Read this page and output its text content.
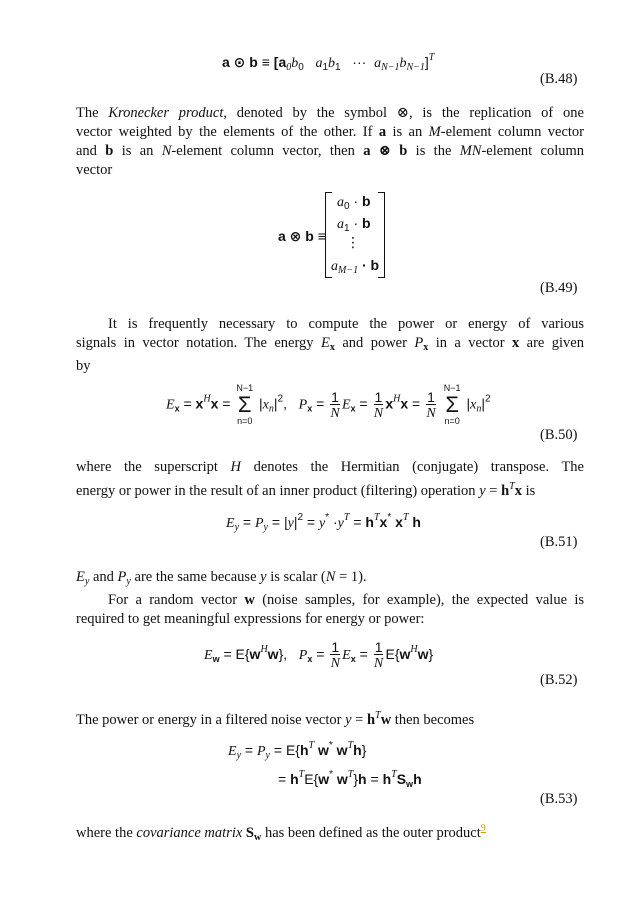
a ⊙ $b \equiv [a_0b_0$ $a_1b_1$ ··· $a_{N-1}b_{N-1}]^T$
(B.48)
The Kronecker product, denoted by the symbol ⊗, is the replication of one
vector weighted by the elements of the other. If a is an M-element column vector
and b is an N-element column vector, then a ⊗ b is the MN-element column
vector
a ⊗ b ≡
$a_0 \cdot b$
$a_1 \cdot b$
⋮
$a_{M-1} \cdot b$
(B.49)
It is frequently necessary to compute the power or energy of various
signals in vector notation. The energy $E_x$ and power $P_x$ in a vector x are given
by
$E_x = x^Hx$ =
N−1
Σ
n=0
$|x_n|^2$,   $P_x = \frac{1}{N} E_x = \frac{1}{N} x^Hx = \frac{1}{N}$

N−1
Σ
n=0
$|x_n|^2$
(B.50)
where the superscript H denotes the Hermitian (conjugate) transpose. The
energy or power in the result of an inner product (filtering) operation $y = h^Tx$ is
$E_y = P_y = |y|^2 = y^* \cdot y^T = h^Tx^*$ $x^T$ h
(B.51)
$E_y$ and $P_y$ are the same because y is scalar (N = 1).
For a random vector w (noise samples, for example), the expected value is
required to get meaningful expressions for energy or power:
$E_w = E\{w^Hw\}$,   $P_x = \frac{1}{N} E_x = \frac{1}{N} E\{w^Hw\}$
(B.52)
The power or energy in a filtered noise vector $y = h^Tw$ then becomes
$E_y = P_y = E\{h^T$ w* $w^Th$}
= $h^TE\{w^*$ $w^T\}h = h^TS_wh$
(B.53)
where the covariance matrix $S_w$ has been defined as the outer product$^9$
